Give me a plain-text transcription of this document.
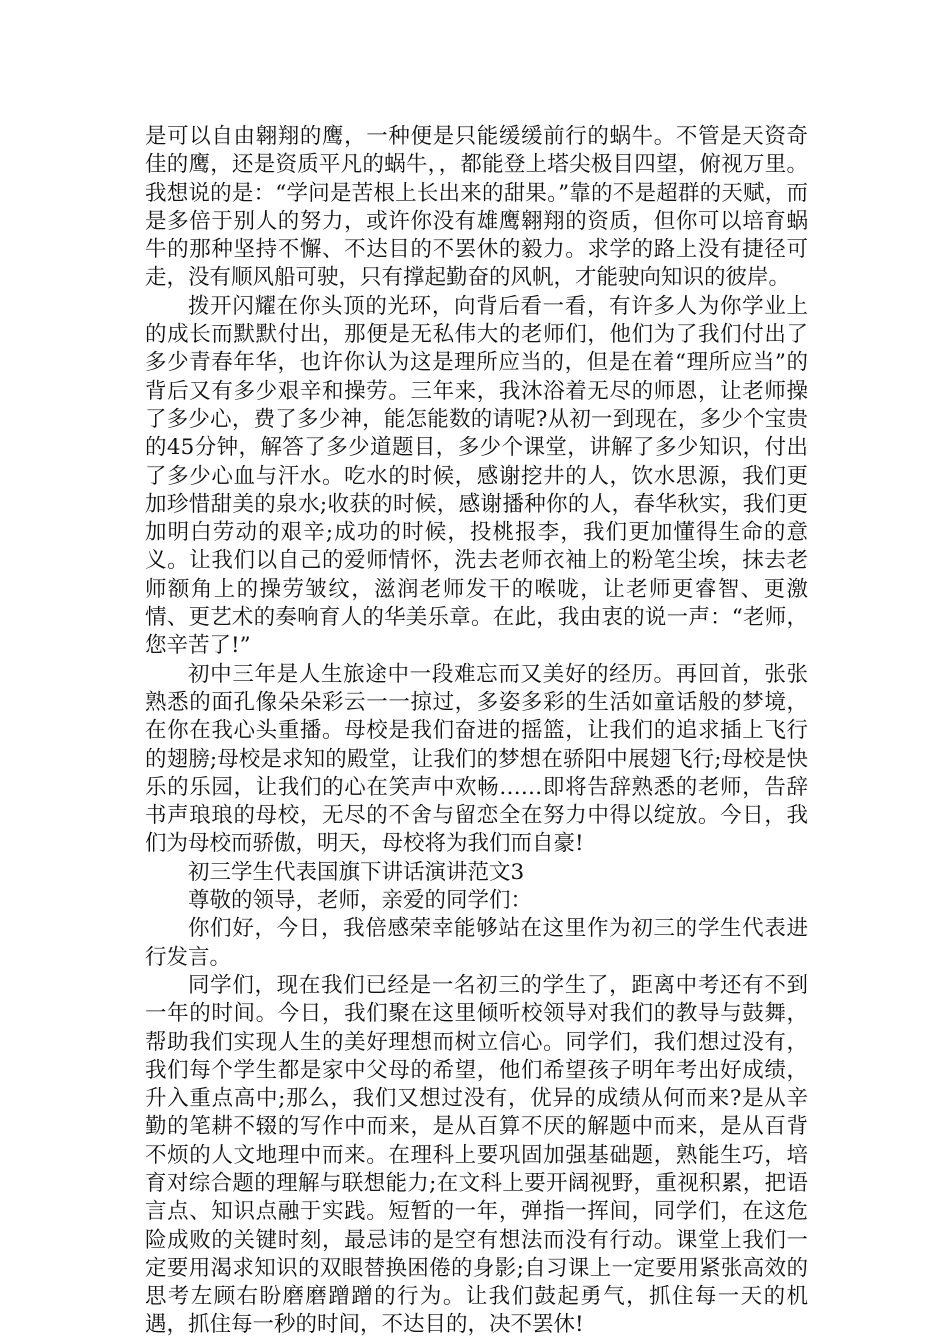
是可以自由翱翔的鹰，一种便是只能缓缓前行的蜗牛。不管是天资奇佳的鹰，还是资质平凡的蜗牛，，都能登上塔尖极目四望，俯视万里。我想说的是：“学问是苦根上长出来的甜果。”靠的不是超群的天赋，而是多倍于别人的努力，或许你没有雄鹰翱翔的资质，但你可以培育蜗牛的那种坚持不懈、不达目的不罢休的毅力。求学的路上没有捷径可走，没有顺风船可驶，只有撑起勤奋的风帆，才能驶向知识的彼岸。

拨开闪耀在你头顶的光环，向背后看一看，有许多人为你学业上的成长而默默付出，那便是无私伟大的老师们，他们为了我们付出了多少青春年华，也许你认为这是理所应当的，但是在着“理所应当”的背后又有多少艰辛和操劳。三年来，我沐浴着无尽的师恩，让老师操了多少心，费了多少神，能怎能数的请呢?从初一到现在，多少个宝贵的45分钟，解答了多少道题目，多少个课堂，讲解了多少知识，付出了多少心血与汗水。吃水的时候，感谢挖井的人，饮水思源，我们更加珍惜甜美的泉水;收获的时候，感谢播种你的人，春华秋实，我们更加明白劳动的艰辛;成功的时候，投桃报李，我们更加懂得生命的意义。让我们以自己的爱师情怀，洗去老师衣袖上的粉笔尘埃，抹去老师额角上的操劳皱纹，滋润老师发干的喉咙，让老师更睿智、更激情、更艺术的奏响育人的华美乐章。在此，我由衷的说一声：“老师，您辛苦了!”

初中三年是人生旅途中一段难忘而又美好的经历。再回首，张张熟悉的面孔像朵朵彩云一一掠过，多姿多彩的生活如童话般的梦境，在你在我心头重播。母校是我们奋进的摇篮，让我们的追求插上飞行的翅膀;母校是求知的殿堂，让我们的梦想在骄阳中展翅飞行;母校是快乐的乐园，让我们的心在笑声中欢畅……即将告辞熟悉的老师，告辞书声琅琅的母校，无尽的不舍与留恋全在努力中得以绽放。今日，我们为母校而骄傲，明天，母校将为我们而自豪!

初三学生代表国旗下讲话演讲范文3

尊敬的领导，老师，亲爱的同学们：

你们好，今日，我倍感荣幸能够站在这里作为初三的学生代表进行发言。

同学们，现在我们已经是一名初三的学生了，距离中考还有不到一年的时间。今日，我们聚在这里倾听校领导对我们的教导与鼓舞，帮助我们实现人生的美好理想而树立信心。同学们，我们想过没有，我们每个学生都是家中父母的希望，他们希望孩子明年考出好成绩，升入重点高中;那么，我们又想过没有，优异的成绩从何而来?是从辛勤的笔耕不辍的写作中而来，是从百算不厌的解题中而来，是从百背不烦的人文地理中而来。在理科上要巩固加强基础题，熟能生巧，培育对综合题的理解与联想能力;在文科上要开阔视野，重视积累，把语言点、知识点融于实践。短暂的一年，弹指一挥间，同学们，在这危险成败的关键时刻，最忌讳的是空有想法而没有行动。课堂上我们一定要用渴求知识的双眼替换困倦的身影;自习课上一定要用紧张高效的思考左顾右盼磨磨蹭蹭的行为。让我们鼓起勇气，抓住每一天的机遇，抓住每一秒的时间，不达目的，决不罢休!
